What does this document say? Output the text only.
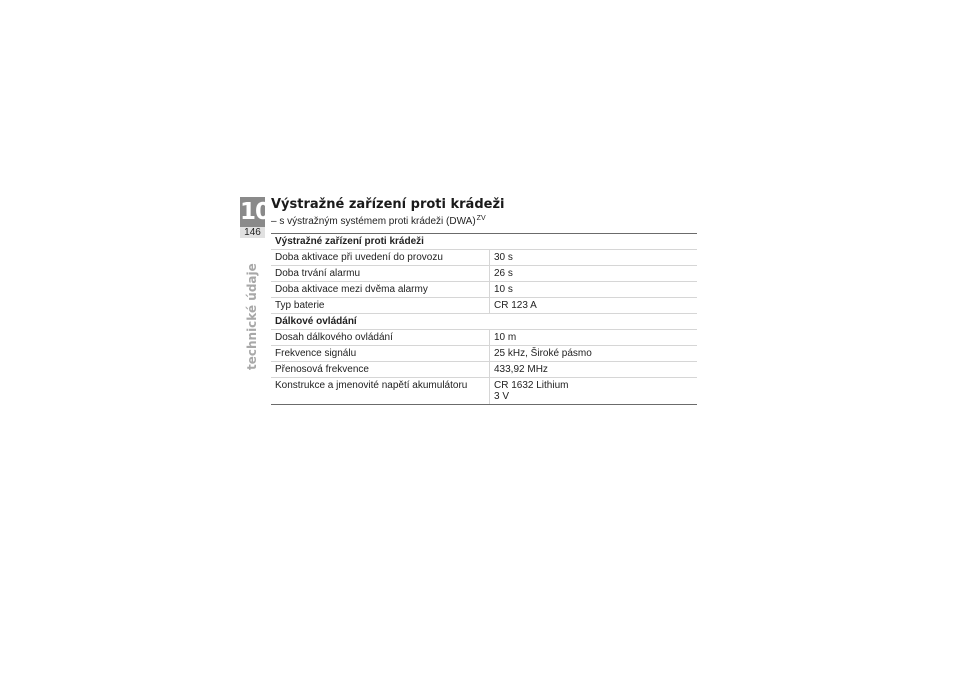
10
146
technické údaje
Výstražné zařízení proti krádeži
– s výstražným systémem proti krádeži (DWA)$^{ZV}$
Výstražné zařízení proti krádeži	
Doba aktivace při uvedení do provozu	30 s
Doba trvání alarmu	26 s
Doba aktivace mezi dvěma alarmy	10 s
Typ baterie	CR 123 A
Dálkové ovládání	
Dosah dálkového ovládání	10 m
Frekvence signálu	25 kHz, Široké pásmo
Přenosová frekvence	433,92 MHz
Konstrukce a jmenovité napětí akumulátoru	CR 1632 Lithium
3 V
